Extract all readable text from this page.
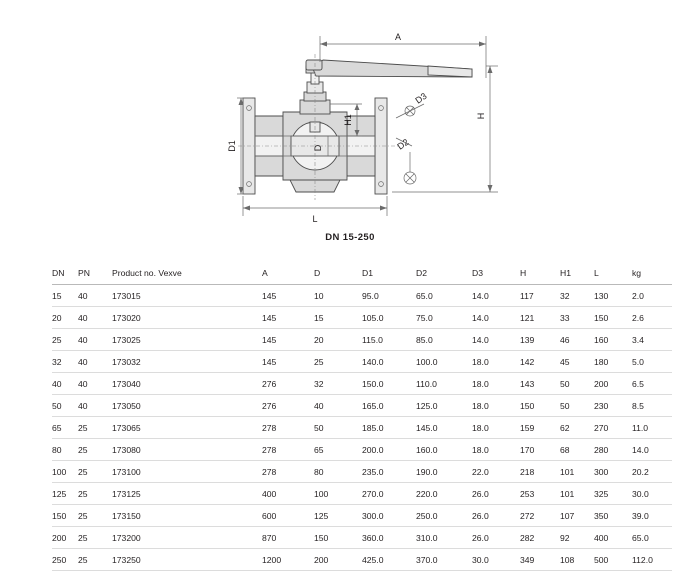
A
H
H1
D1	D
L
D3
D2
DN 15-250
DN	PN	Product no. Vexve	A	D	D1	D2	D3	H	H1	L	kg
15	40	173015	145	10	95.0	65.0	14.0	117	32	130	2.0
20	40	173020	145	15	105.0	75.0	14.0	121	33	150	2.6
25	40	173025	145	20	115.0	85.0	14.0	139	46	160	3.4
32	40	173032	145	25	140.0	100.0	18.0	142	45	180	5.0
40	40	173040	276	32	150.0	110.0	18.0	143	50	200	6.5
50	40	173050	276	40	165.0	125.0	18.0	150	50	230	8.5
65	25	173065	278	50	185.0	145.0	18.0	159	62	270	11.0
80	25	173080	278	65	200.0	160.0	18.0	170	68	280	14.0
100	25	173100	278	80	235.0	190.0	22.0	218	101	300	20.2
125	25	173125	400	100	270.0	220.0	26.0	253	101	325	30.0
150	25	173150	600	125	300.0	250.0	26.0	272	107	350	39.0
200	25	173200	870	150	360.0	310.0	26.0	282	92	400	65.0
250	25	173250	1200	200	425.0	370.0	30.0	349	108	500	112.0
